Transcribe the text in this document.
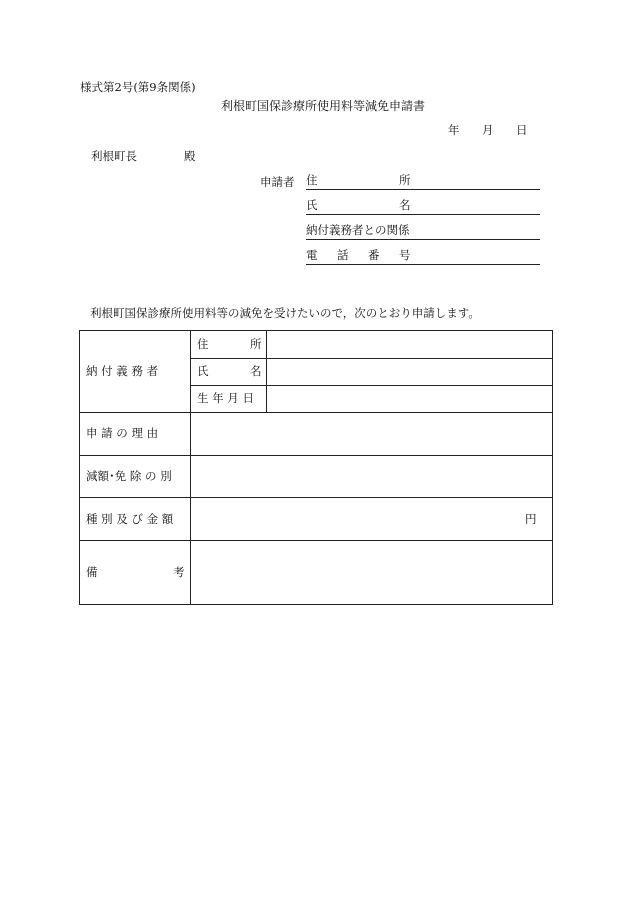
様式第2号(第9条関係)
利根町国保診療所使用料等減免申請書
年 月 日
利根町長	殿
申請者 住	所
氏	名
納付義務者との関係
電 話 番 号
利根町国保診療所使用料等の減免を受けたいので，次のとおり申請します。
納 付 義 務 者
住	所
氏	名
生 年 月 日
申 請 の 理 由
減額･免 除 の 別
種 別 及 び 金 額	円
備	考
